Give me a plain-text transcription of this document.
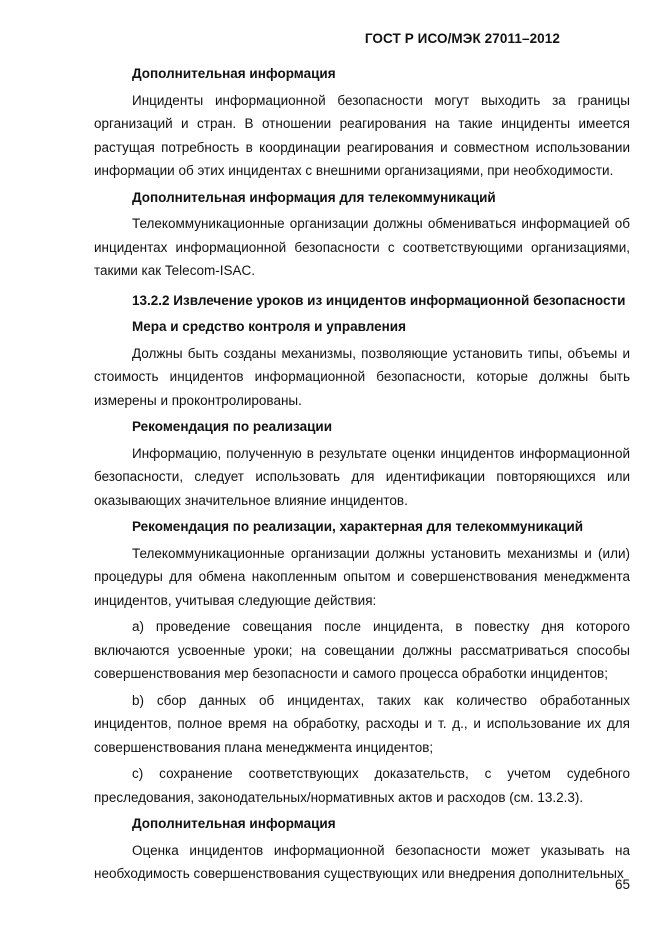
ГОСТ Р ИСО/МЭК 27011–2012
Дополнительная информация
Инциденты информационной безопасности могут выходить за границы организаций и стран. В отношении реагирования на такие инциденты имеется растущая потребность в координации реагирования и совместном использовании информации об этих инцидентах с внешними организациями, при необходимости.
Дополнительная информация для телекоммуникаций
Телекоммуникационные организации должны обмениваться информацией об инцидентах информационной безопасности с соответствующими организациями, такими как Telecom-ISAC.
13.2.2 Извлечение уроков из инцидентов информационной безопасности
Мера и средство контроля и управления
Должны быть созданы механизмы, позволяющие установить типы, объемы и стоимость инцидентов информационной безопасности, которые должны быть измерены и проконтролированы.
Рекомендация по реализации
Информацию, полученную в результате оценки инцидентов информационной безопасности, следует использовать для идентификации повторяющихся или оказывающих значительное влияние инцидентов.
Рекомендация по реализации, характерная для телекоммуникаций
Телекоммуникационные организации должны установить механизмы и (или) процедуры для обмена накопленным опытом и совершенствования менеджмента инцидентов, учитывая следующие действия:
a) проведение совещания после инцидента, в повестку дня которого включаются усвоенные уроки; на совещании должны рассматриваться способы совершенствования мер безопасности и самого процесса обработки инцидентов;
b) сбор данных об инцидентах, таких как количество обработанных инцидентов, полное время на обработку, расходы и т. д., и использование их для совершенствования плана менеджмента инцидентов;
c) сохранение соответствующих доказательств, с учетом судебного преследования, законодательных/нормативных актов и расходов (см. 13.2.3).
Дополнительная информация
Оценка инцидентов информационной безопасности может указывать на необходимость совершенствования существующих или внедрения дополнительных
65
